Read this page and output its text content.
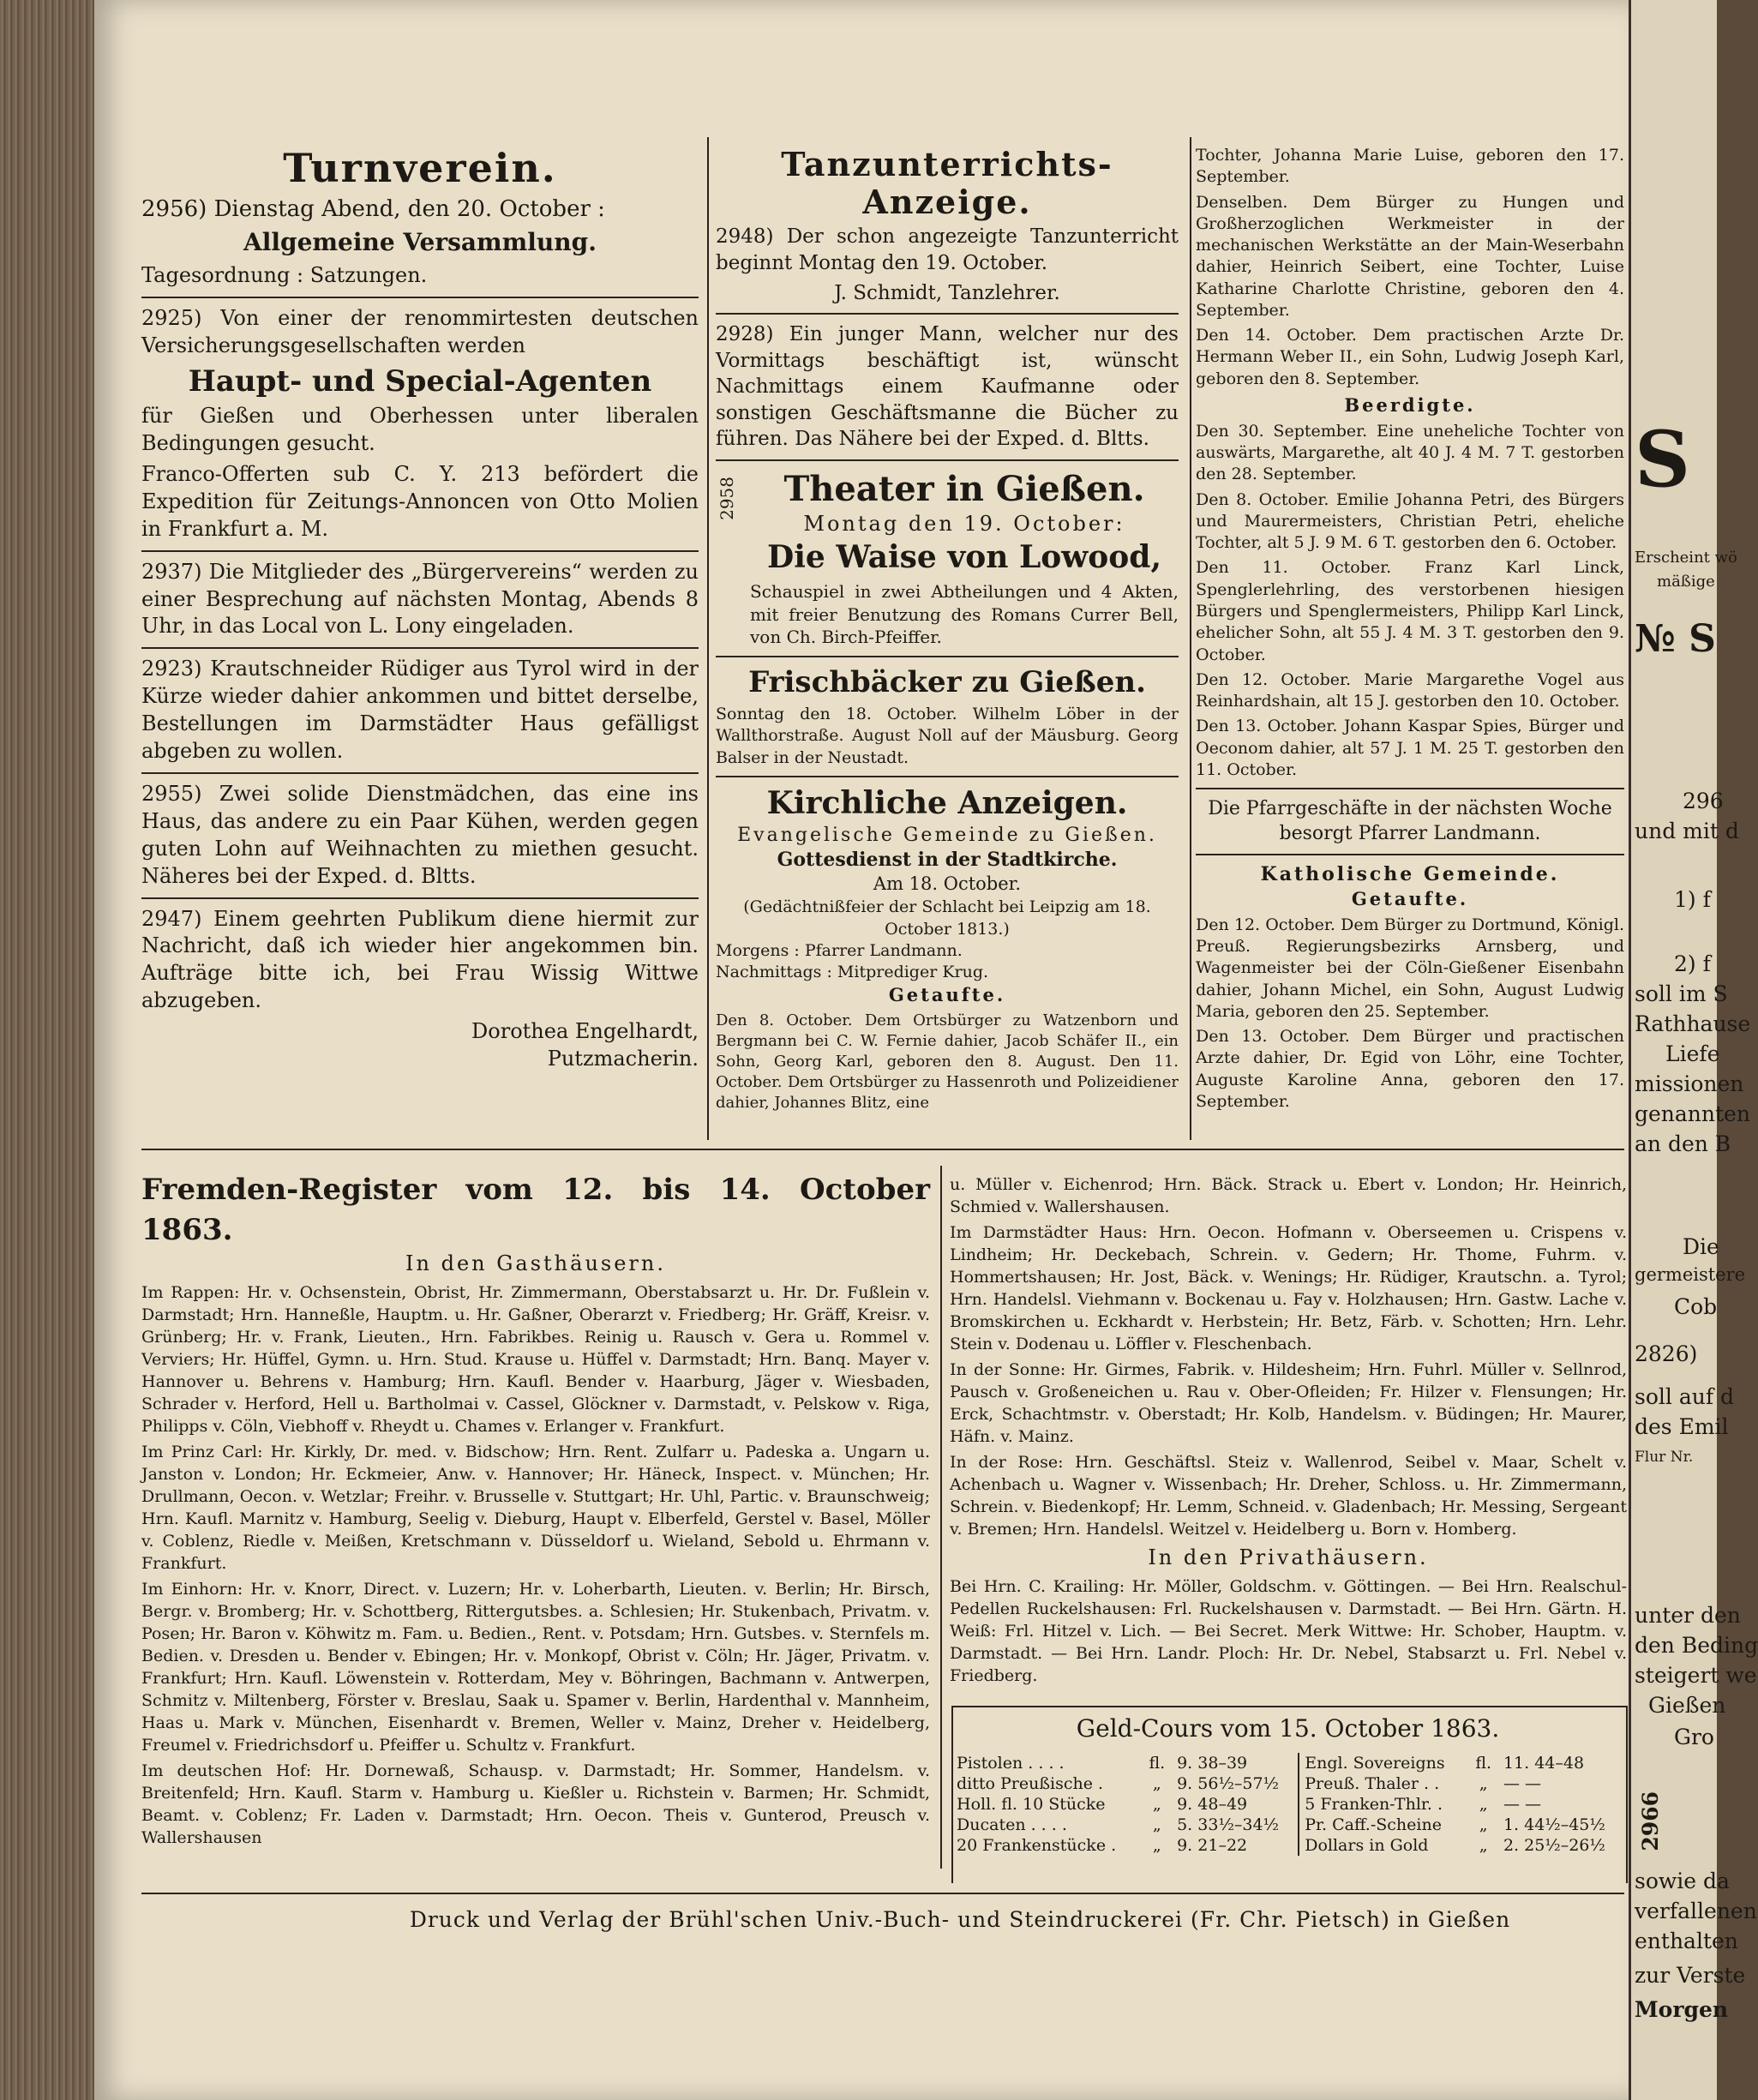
Turnverein.
2956) Dienstag Abend, den 20. October :
Allgemeine Versammlung.
Tagesordnung : Satzungen.
2925) Von einer der renommirtesten deutschen Versicherungsgesellschaften werden
Haupt- und Special-Agenten
für Gießen und Oberhessen unter liberalen Bedingungen gesucht.
Franco-Offerten sub C. Y. 213 befördert die Expedition für Zeitungs-Annoncen von Otto Molien in Frankfurt a. M.
2937) Die Mitglieder des „Bürgervereins“ werden zu einer Besprechung auf nächsten Montag, Abends 8 Uhr, in das Local von L. Lony eingeladen.
2923) Krautschneider Rüdiger aus Tyrol wird in der Kürze wieder dahier ankommen und bittet derselbe, Bestellungen im Darmstädter Haus gefälligst abgeben zu wollen.
2955) Zwei solide Dienstmädchen, das eine ins Haus, das andere zu ein Paar Kühen, werden gegen guten Lohn auf Weihnachten zu miethen gesucht. Näheres bei der Exped. d. Bltts.
2947) Einem geehrten Publikum diene hiermit zur Nachricht, daß ich wieder hier angekommen bin. Aufträge bitte ich, bei Frau Wissig Wittwe abzugeben.
Dorothea Engelhardt,
Putzmacherin.
Tanzunterrichts-Anzeige.
2948) Der schon angezeigte Tanzunterricht beginnt Montag den 19. October.
J. Schmidt, Tanzlehrer.
2928) Ein junger Mann, welcher nur des Vormittags beschäftigt ist, wünscht Nachmittags einem Kaufmanne oder sonstigen Geschäftsmanne die Bücher zu führen. Das Nähere bei der Exped. d. Bltts.
2958	Theater in Gießen.
Montag den 19. October:
Die Waise von Lowood,
Schauspiel in zwei Abtheilungen und 4 Akten, mit freier Benutzung des Romans Currer Bell, von Ch. Birch-Pfeiffer.
Frischbäcker zu Gießen.
Sonntag den 18. October. Wilhelm Löber in der Wallthorstraße. August Noll auf der Mäusburg. Georg Balser in der Neustadt.
Kirchliche Anzeigen.
Evangelische Gemeinde zu Gießen.
Gottesdienst in der Stadtkirche.
Am 18. October.
(Gedächtnißfeier der Schlacht bei Leipzig am 18. October 1813.)
Morgens : Pfarrer Landmann.
Nachmittags : Mitprediger Krug.
Getaufte.
Den 8. October. Dem Ortsbürger zu Watzenborn und Bergmann bei C. W. Fernie dahier, Jacob Schäfer II., ein Sohn, Georg Karl, geboren den 8. August. Den 11. October. Dem Ortsbürger zu Hassenroth und Polizeidiener dahier, Johannes Blitz, eine
Tochter, Johanna Marie Luise, geboren den 17. September.
Denselben. Dem Bürger zu Hungen und Großherzoglichen Werkmeister in der mechanischen Werkstätte an der Main-Weserbahn dahier, Heinrich Seibert, eine Tochter, Luise Katharine Charlotte Christine, geboren den 4. September.
Den 14. October. Dem practischen Arzte Dr. Hermann Weber II., ein Sohn, Ludwig Joseph Karl, geboren den 8. September.
Beerdigte.
Den 30. September. Eine uneheliche Tochter von auswärts, Margarethe, alt 40 J. 4 M. 7 T. gestorben den 28. September.
Den 8. October. Emilie Johanna Petri, des Bürgers und Maurermeisters, Christian Petri, eheliche Tochter, alt 5 J. 9 M. 6 T. gestorben den 6. October.
Den 11. October. Franz Karl Linck, Spenglerlehrling, des verstorbenen hiesigen Bürgers und Spenglermeisters, Philipp Karl Linck, ehelicher Sohn, alt 55 J. 4 M. 3 T. gestorben den 9. October.
Den 12. October. Marie Margarethe Vogel aus Reinhardshain, alt 15 J. gestorben den 10. October.
Den 13. October. Johann Kaspar Spies, Bürger und Oeconom dahier, alt 57 J. 1 M. 25 T. gestorben den 11. October.
Die Pfarrgeschäfte in der nächsten Woche besorgt Pfarrer Landmann.
Katholische Gemeinde.
Getaufte.
Den 12. October. Dem Bürger zu Dortmund, Königl. Preuß. Regierungsbezirks Arnsberg, und Wagenmeister bei der Cöln-Gießener Eisenbahn dahier, Johann Michel, ein Sohn, August Ludwig Maria, geboren den 25. September.
Den 13. October. Dem Bürger und practischen Arzte dahier, Dr. Egid von Löhr, eine Tochter, Auguste Karoline Anna, geboren den 17. September.
Fremden-Register vom 12. bis 14. October 1863.
In den Gasthäusern.
Im Rappen: Hr. v. Ochsenstein, Obrist, Hr. Zimmermann, Oberstabsarzt u. Hr. Dr. Fußlein v. Darmstadt; Hrn. Hanneßle, Hauptm. u. Hr. Gaßner, Oberarzt v. Friedberg; Hr. Gräff, Kreisr. v. Grünberg; Hr. v. Frank, Lieuten., Hrn. Fabrikbes. Reinig u. Rausch v. Gera u. Rommel v. Verviers; Hr. Hüffel, Gymn. u. Hrn. Stud. Krause u. Hüffel v. Darmstadt; Hrn. Banq. Mayer v. Hannover u. Behrens v. Hamburg; Hrn. Kaufl. Bender v. Haarburg, Jäger v. Wiesbaden, Schrader v. Herford, Hell u. Bartholmai v. Cassel, Glöckner v. Darmstadt, v. Pelskow v. Riga, Philipps v. Cöln, Viebhoff v. Rheydt u. Chames v. Erlanger v. Frankfurt.
Im Prinz Carl: Hr. Kirkly, Dr. med. v. Bidschow; Hrn. Rent. Zulfarr u. Padeska a. Ungarn u. Janston v. London; Hr. Eckmeier, Anw. v. Hannover; Hr. Häneck, Inspect. v. München; Hr. Drullmann, Oecon. v. Wetzlar; Freihr. v. Brusselle v. Stuttgart; Hr. Uhl, Partic. v. Braunschweig; Hrn. Kaufl. Marnitz v. Hamburg, Seelig v. Dieburg, Haupt v. Elberfeld, Gerstel v. Basel, Möller v. Coblenz, Riedle v. Meißen, Kretschmann v. Düsseldorf u. Wieland, Sebold u. Ehrmann v. Frankfurt.
Im Einhorn: Hr. v. Knorr, Direct. v. Luzern; Hr. v. Loherbarth, Lieuten. v. Berlin; Hr. Birsch, Bergr. v. Bromberg; Hr. v. Schottberg, Rittergutsbes. a. Schlesien; Hr. Stukenbach, Privatm. v. Posen; Hr. Baron v. Köhwitz m. Fam. u. Bedien., Rent. v. Potsdam; Hrn. Gutsbes. v. Sternfels m. Bedien. v. Dresden u. Bender v. Ebingen; Hr. v. Monkopf, Obrist v. Cöln; Hr. Jäger, Privatm. v. Frankfurt; Hrn. Kaufl. Löwenstein v. Rotterdam, Mey v. Böhringen, Bachmann v. Antwerpen, Schmitz v. Miltenberg, Förster v. Breslau, Saak u. Spamer v. Berlin, Hardenthal v. Mannheim, Haas u. Mark v. München, Eisenhardt v. Bremen, Weller v. Mainz, Dreher v. Heidelberg, Freumel v. Friedrichsdorf u. Pfeiffer u. Schultz v. Frankfurt.
Im deutschen Hof: Hr. Dornewaß, Schausp. v. Darmstadt; Hr. Sommer, Handelsm. v. Breitenfeld; Hrn. Kaufl. Starm v. Hamburg u. Kießler u. Richstein v. Barmen; Hr. Schmidt, Beamt. v. Coblenz; Fr. Laden v. Darmstadt; Hrn. Oecon. Theis v. Gunterod, Preusch v. Wallershausen
u. Müller v. Eichenrod; Hrn. Bäck. Strack u. Ebert v. London; Hr. Heinrich, Schmied v. Wallershausen.
Im Darmstädter Haus: Hrn. Oecon. Hofmann v. Oberseemen u. Crispens v. Lindheim; Hr. Deckebach, Schrein. v. Gedern; Hr. Thome, Fuhrm. v. Hommertshausen; Hr. Jost, Bäck. v. Wenings; Hr. Rüdiger, Krautschn. a. Tyrol; Hrn. Handelsl. Viehmann v. Bockenau u. Fay v. Holzhausen; Hrn. Gastw. Lache v. Bromskirchen u. Eckhardt v. Herbstein; Hr. Betz, Färb. v. Schotten; Hrn. Lehr. Stein v. Dodenau u. Löffler v. Fleschenbach.
In der Sonne: Hr. Girmes, Fabrik. v. Hildesheim; Hrn. Fuhrl. Müller v. Sellnrod, Pausch v. Großeneichen u. Rau v. Ober-Ofleiden; Fr. Hilzer v. Flensungen; Hr. Erck, Schachtmstr. v. Oberstadt; Hr. Kolb, Handelsm. v. Büdingen; Hr. Maurer, Häfn. v. Mainz.
In der Rose: Hrn. Geschäftsl. Steiz v. Wallenrod, Seibel v. Maar, Schelt v. Achenbach u. Wagner v. Wissenbach; Hr. Dreher, Schloss. u. Hr. Zimmermann, Schrein. v. Biedenkopf; Hr. Lemm, Schneid. v. Gladenbach; Hr. Messing, Sergeant v. Bremen; Hrn. Handelsl. Weitzel v. Heidelberg u. Born v. Homberg.
In den Privathäusern.
Bei Hrn. C. Krailing: Hr. Möller, Goldschm. v. Göttingen. — Bei Hrn. Realschul-Pedellen Ruckelshausen: Frl. Ruckelshausen v. Darmstadt. — Bei Hrn. Gärtn. H. Weiß: Frl. Hitzel v. Lich. — Bei Secret. Merk Wittwe: Hr. Schober, Hauptm. v. Darmstadt. — Bei Hrn. Landr. Ploch: Hr. Dr. Nebel, Stabsarzt u. Frl. Nebel v. Friedberg.
Geld-Cours vom 15. October 1863.
Pistolen . . . .	fl.	9. 38–39	Engl. Sovereigns	fl.	11. 44–48
ditto Preußische .	„	9. 56½–57½	Preuß. Thaler . .	„	— —
Holl. fl. 10 Stücke	„	9. 48–49	5 Franken-Thlr. .	„	— —
Ducaten . . . .	„	5. 33½–34½	Pr. Caff.-Scheine	„	1. 44½–45½
20 Frankenstücke .	„	9. 21–22	Dollars in Gold	„	2. 25½–26½
Druck und Verlag der Brühl'schen Univ.-Buch- und Steindruckerei (Fr. Chr. Pietsch) in Gießen
S
Erscheint wö
mäßige
№ S
296
und mit d
1) f
2) f
soll im S
Rathhause
Liefe
missionen
genannten
an den B
Die
germeistere
Cob
2826)
soll auf d
des Emil
Flur Nr.
unter den
den Beding
steigert we
Gießen
Gro
2966
sowie da
verfallenen
enthalten
zur Verste
Morgen
